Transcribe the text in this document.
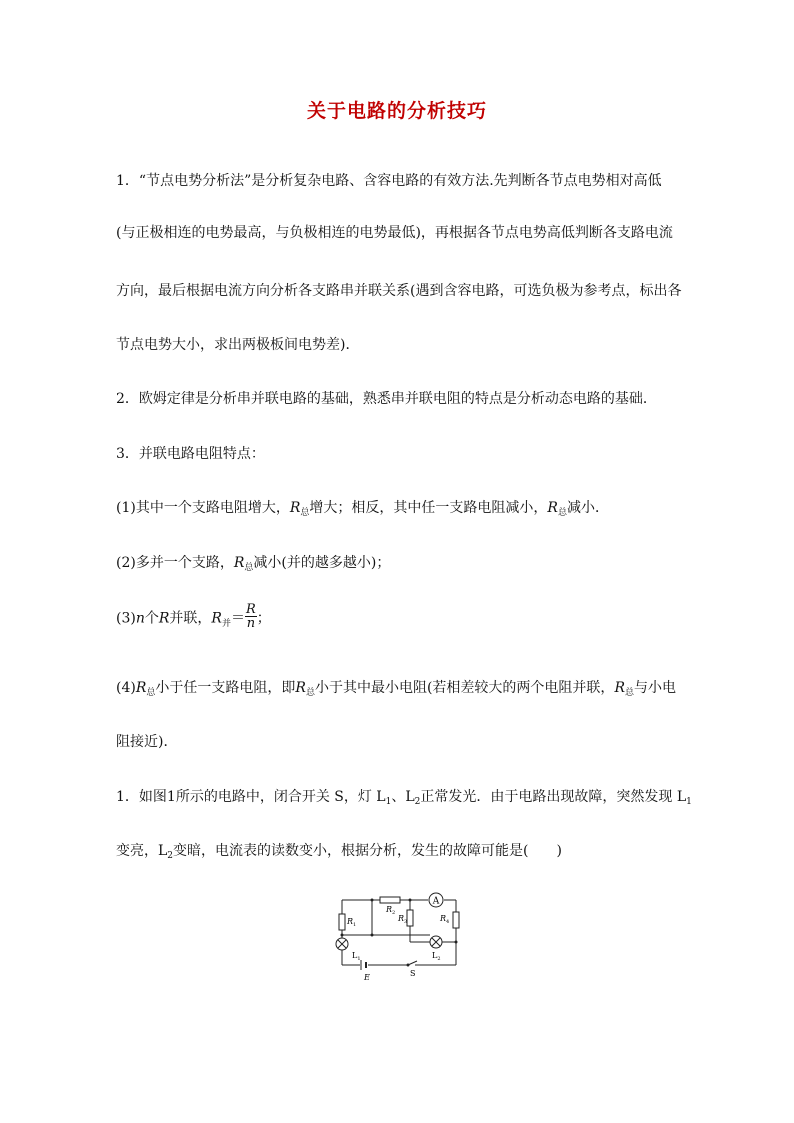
关于电路的分析技巧
1．“节点电势分析法”是分析复杂电路、含容电路的有效方法.先判断各节点电势相对高低
(与正极相连的电势最高，与负极相连的电势最低)，再根据各节点电势高低判断各支路电流
方向，最后根据电流方向分析各支路串并联关系(遇到含容电路，可选负极为参考点，标出各
节点电势大小，求出两极板间电势差)．
2．欧姆定律是分析串并联电路的基础，熟悉串并联电阻的特点是分析动态电路的基础．
3．并联电路电阻特点：
(1)其中一个支路电阻增大，$R_总$增大；相反，其中任一支路电阻减小，$R_总$减小．
(2)多并一个支路，$R_总$减小(并的越多越小)；
(3)n个R并联，$R_并= \frac{R}{n}$ ；
$(4)R_总$小于任一支路电阻，即$R_总$小于其中最小电阻(若相差较大的两个电阻并联，$R_总$与小电
阻接近)．
1．如图1所示的电路中，闭合开关 S，灯 $L_1$、$L_2$正常发光．由于电路出现故障，突然发现 $L_1$
变亮，$L_2$变暗，电流表的读数变小，根据分析，发生的故障可能是(　　)
A
$R_1$
$R_2$
$R_3$	$R_4$
E
$L_1$	$L_2$
S
